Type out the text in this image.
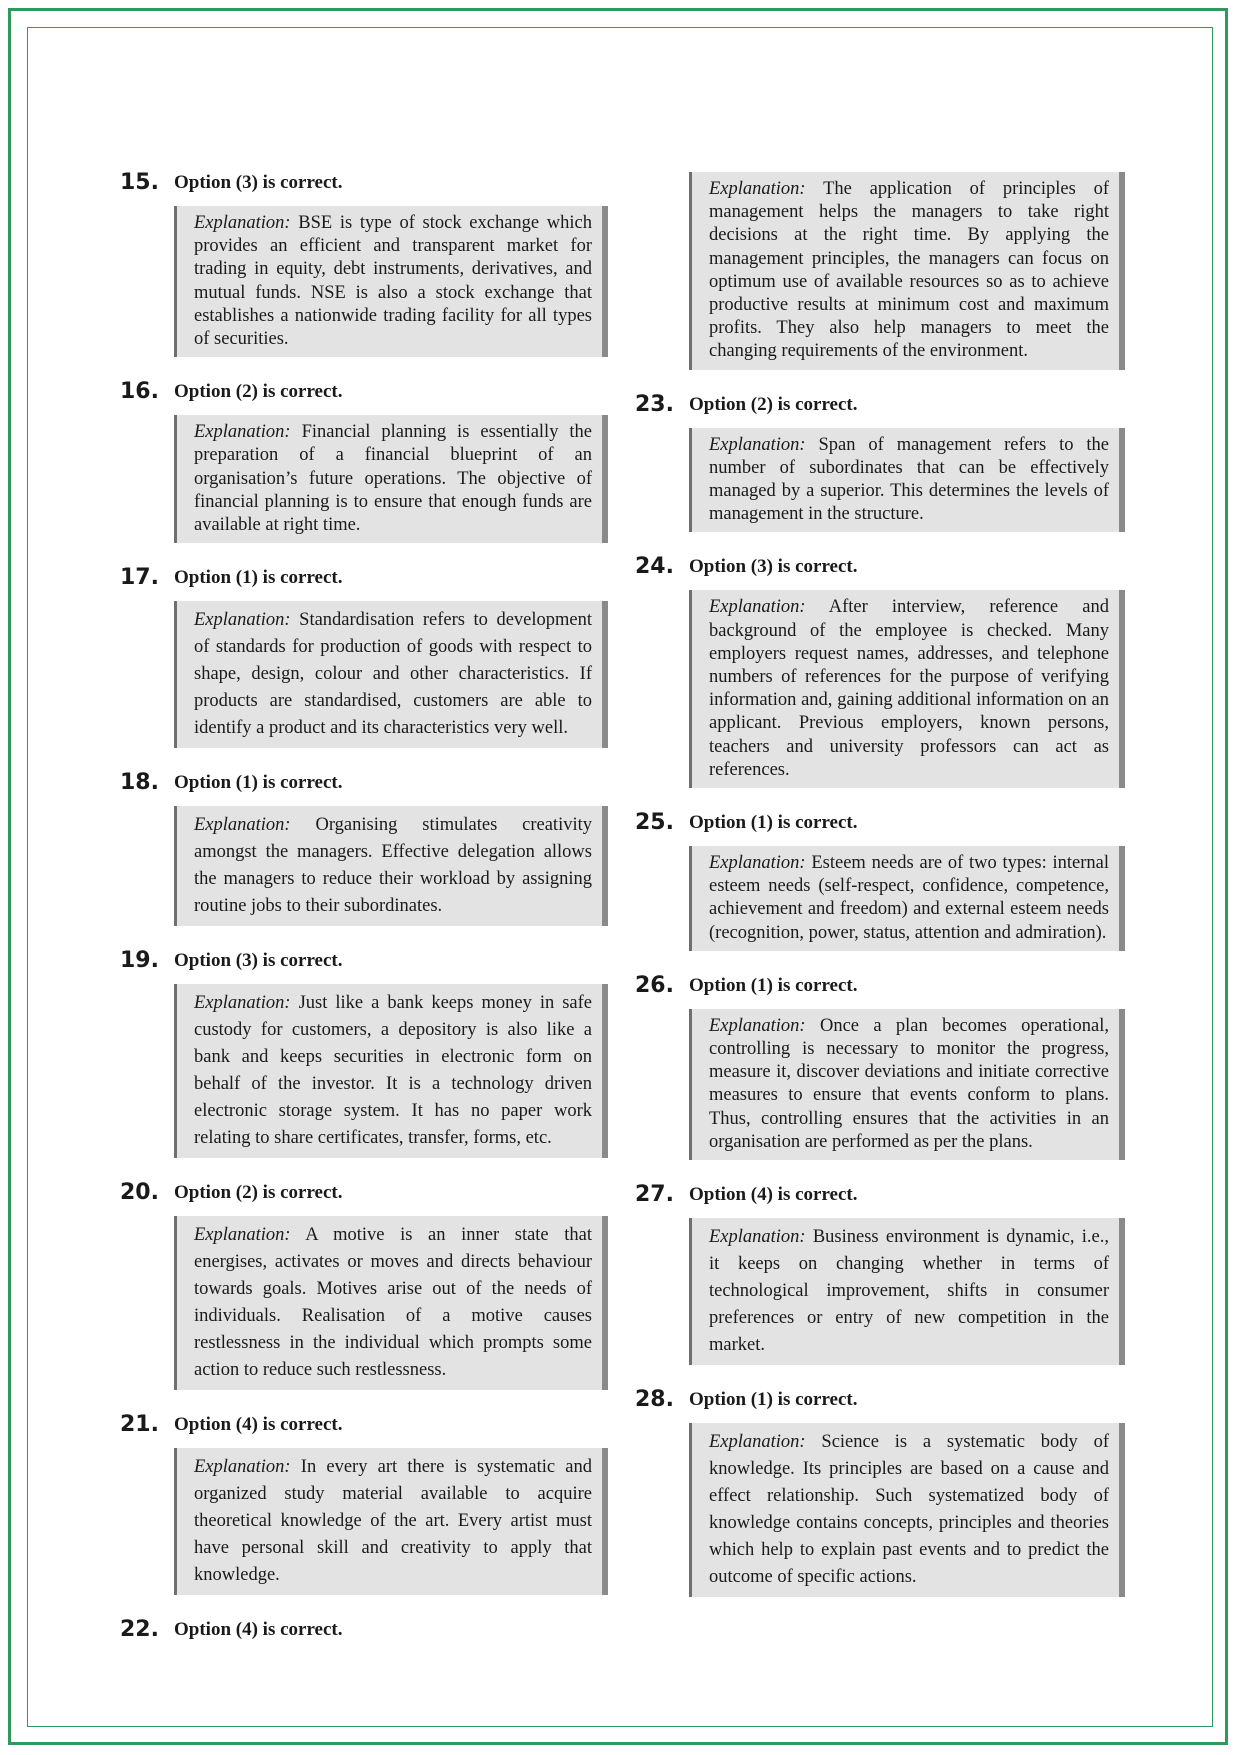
15. Option (3) is correct.
Explanation: BSE is type of stock exchange which provides an efficient and transparent market for trading in equity, debt instruments, derivatives, and mutual funds. NSE is also a stock exchange that establishes a nationwide trading facility for all types of securities.
16. Option (2) is correct.
Explanation: Financial planning is essentially the preparation of a financial blueprint of an organisation’s future operations. The objective of financial planning is to ensure that enough funds are available at right time.
17. Option (1) is correct.
Explanation: Standardisation refers to development of standards for production of goods with respect to shape, design, colour and other characteristics. If products are standardised, customers are able to identify a product and its characteristics very well.
18. Option (1) is correct.
Explanation: Organising stimulates creativity amongst the managers. Effective delegation allows the managers to reduce their workload by assigning routine jobs to their subordinates.
19. Option (3) is correct.
Explanation: Just like a bank keeps money in safe custody for customers, a depository is also like a bank and keeps securities in electronic form on behalf of the investor. It is a technology driven electronic storage system. It has no paper work relating to share certificates, transfer, forms, etc.
20. Option (2) is correct.
Explanation: A motive is an inner state that energises, activates or moves and directs behaviour towards goals. Motives arise out of the needs of individuals. Realisation of a motive causes restlessness in the individual which prompts some action to reduce such restlessness.
21. Option (4) is correct.
Explanation: In every art there is systematic and organized study material available to acquire theoretical knowledge of the art. Every artist must have personal skill and creativity to apply that knowledge.
22. Option (4) is correct.
Explanation: The application of principles of management helps the managers to take right decisions at the right time. By applying the management principles, the managers can focus on optimum use of available resources so as to achieve productive results at minimum cost and maximum profits. They also help managers to meet the changing requirements of the environment.
23. Option (2) is correct.
Explanation: Span of management refers to the number of subordinates that can be effectively managed by a superior. This determines the levels of management in the structure.
24. Option (3) is correct.
Explanation: After interview, reference and background of the employee is checked. Many employers request names, addresses, and telephone numbers of references for the purpose of verifying information and, gaining additional information on an applicant. Previous employers, known persons, teachers and university professors can act as references.
25. Option (1) is correct.
Explanation: Esteem needs are of two types: internal esteem needs (self-respect, confidence, competence, achievement and freedom) and external esteem needs (recognition, power, status, attention and admiration).
26. Option (1) is correct.
Explanation: Once a plan becomes operational, controlling is necessary to monitor the progress, measure it, discover deviations and initiate corrective measures to ensure that events conform to plans. Thus, controlling ensures that the activities in an organisation are performed as per the plans.
27. Option (4) is correct.
Explanation: Business environment is dynamic, i.e., it keeps on changing whether in terms of technological improvement, shifts in consumer preferences or entry of new competition in the market.
28. Option (1) is correct.
Explanation: Science is a systematic body of knowledge. Its principles are based on a cause and effect relationship. Such systematized body of knowledge contains concepts, principles and theories which help to explain past events and to predict the outcome of specific actions.
